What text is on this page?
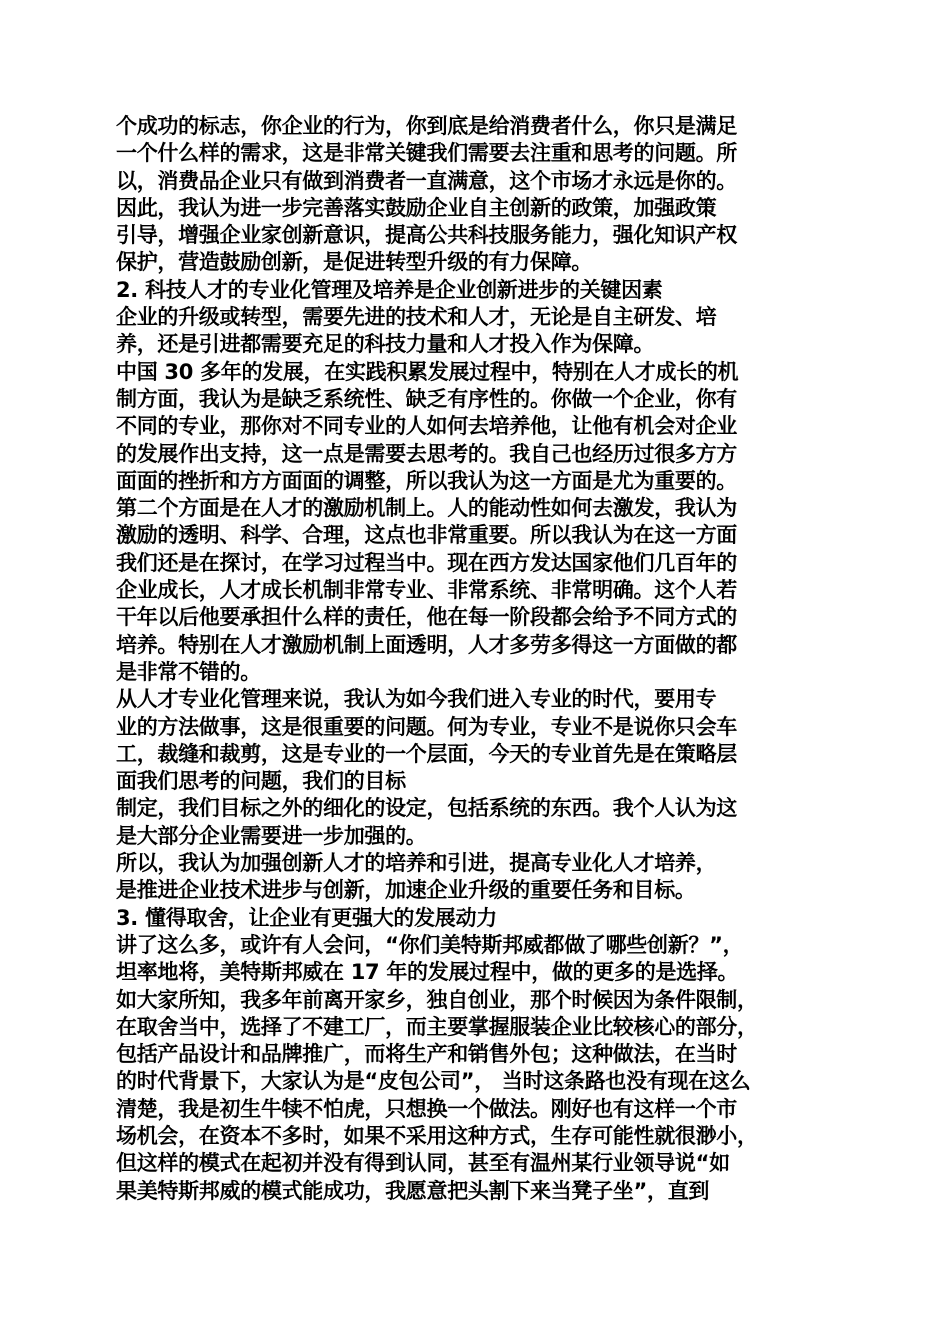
个成功的标志，你企业的行为，你到底是给消费者什么，你只是满足
一个什么样的需求，这是非常关键我们需要去注重和思考的问题。所
以，消费品企业只有做到消费者一直满意，这个市场才永远是你的。
因此，我认为进一步完善落实鼓励企业自主创新的政策，加强政策
引导，增强企业家创新意识，提高公共科技服务能力，强化知识产权
保护，营造鼓励创新，是促进转型升级的有力保障。
2. 科技人才的专业化管理及培养是企业创新进步的关键因素
企业的升级或转型，需要先进的技术和人才，无论是自主研发、培
养，还是引进都需要充足的科技力量和人才投入作为保障。
中国 30 多年的发展，在实践积累发展过程中，特别在人才成长的机
制方面，我认为是缺乏系统性、缺乏有序性的。你做一个企业，你有
不同的专业，那你对不同专业的人如何去培养他，让他有机会对企业
的发展作出支持，这一点是需要去思考的。我自己也经历过很多方方
面面的挫折和方方面面的调整，所以我认为这一方面是尤为重要的。
第二个方面是在人才的激励机制上。人的能动性如何去激发，我认为
激励的透明、科学、合理，这点也非常重要。所以我认为在这一方面
我们还是在探讨，在学习过程当中。现在西方发达国家他们几百年的
企业成长，人才成长机制非常专业、非常系统、非常明确。这个人若
干年以后他要承担什么样的责任，他在每一阶段都会给予不同方式的
培养。特别在人才激励机制上面透明，人才多劳多得这一方面做的都
是非常不错的。
从人才专业化管理来说，我认为如今我们进入专业的时代，要用专
业的方法做事，这是很重要的问题。何为专业，专业不是说你只会车
工，裁缝和裁剪，这是专业的一个层面，今天的专业首先是在策略层
面我们思考的问题，我们的目标
制定，我们目标之外的细化的设定，包括系统的东西。我个人认为这
是大部分企业需要进一步加强的。
所以，我认为加强创新人才的培养和引进，提高专业化人才培养，
是推进企业技术进步与创新，加速企业升级的重要任务和目标。
3. 懂得取舍，让企业有更强大的发展动力
讲了这么多，或许有人会问，“你们美特斯邦威都做了哪些创新？”，
坦率地将，美特斯邦威在 17 年的发展过程中，做的更多的是选择。
如大家所知，我多年前离开家乡，独自创业，那个时候因为条件限制，
在取舍当中，选择了不建工厂，而主要掌握服装企业比较核心的部分，
包括产品设计和品牌推广，而将生产和销售外包；这种做法，在当时
的时代背景下，大家认为是“皮包公司”， 当时这条路也没有现在这么
清楚，我是初生牛犊不怕虎，只想换一个做法。刚好也有这样一个市
场机会，在资本不多时，如果不采用这种方式，生存可能性就很渺小，
但这样的模式在起初并没有得到认同，甚至有温州某行业领导说“如
果美特斯邦威的模式能成功，我愿意把头割下来当凳子坐”，直到
